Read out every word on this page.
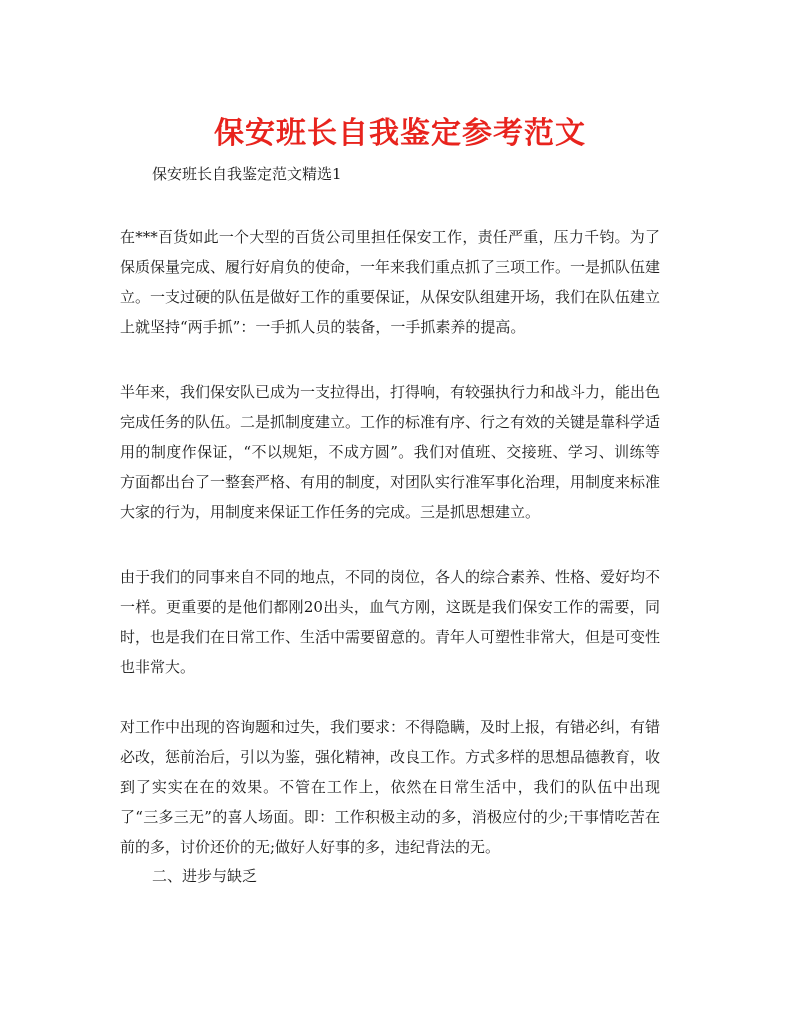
保安班长自我鉴定参考范文

保安班长自我鉴定范文精选1

在***百货如此一个大型的百货公司里担任保安工作，责任严重，压力千钧。为了保质保量完成、履行好肩负的使命，一年来我们重点抓了三项工作。一是抓队伍建立。一支过硬的队伍是做好工作的重要保证，从保安队组建开场，我们在队伍建立上就坚持“两手抓”：一手抓人员的装备，一手抓素养的提高。

半年来，我们保安队已成为一支拉得出，打得响，有较强执行力和战斗力，能出色完成任务的队伍。二是抓制度建立。工作的标准有序、行之有效的关键是靠科学适用的制度作保证，“不以规矩，不成方圆”。我们对值班、交接班、学习、训练等方面都出台了一整套严格、有用的制度，对团队实行准军事化治理，用制度来标准大家的行为，用制度来保证工作任务的完成。三是抓思想建立。

由于我们的同事来自不同的地点，不同的岗位，各人的综合素养、性格、爱好均不一样。更重要的是他们都刚20出头，血气方刚，这既是我们保安工作的需要，同时，也是我们在日常工作、生活中需要留意的。青年人可塑性非常大，但是可变性也非常大。

对工作中出现的咨询题和过失，我们要求：不得隐瞒，及时上报，有错必纠，有错必改，惩前治后，引以为鉴，强化精神，改良工作。方式多样的思想品德教育，收到了实实在在的效果。不管在工作上，依然在日常生活中，我们的队伍中出现了“三多三无”的喜人场面。即：工作积极主动的多，消极应付的少;干事情吃苦在前的多，讨价还价的无;做好人好事的多，违纪背法的无。

二、进步与缺乏
